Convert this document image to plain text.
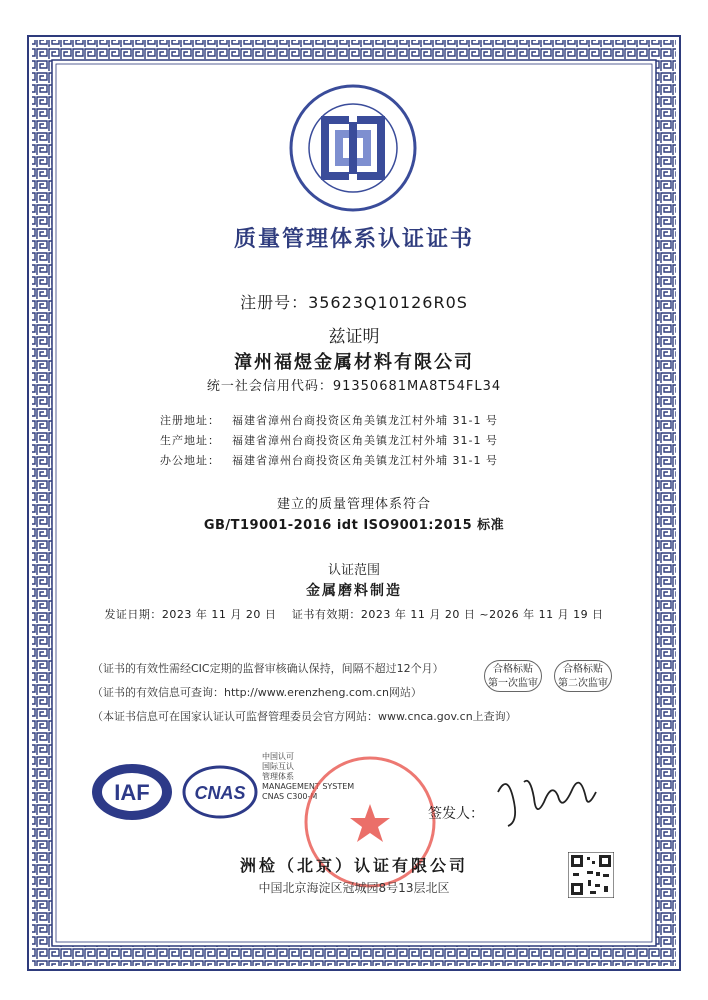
质量管理体系认证证书
注册号：35623Q10126R0S
兹证明
漳州福煜金属材料有限公司
统一社会信用代码：91350681MA8T54FL34
注册地址： 福建省漳州台商投资区角美镇龙江村外埔 31-1 号
生产地址： 福建省漳州台商投资区角美镇龙江村外埔 31-1 号
办公地址： 福建省漳州台商投资区角美镇龙江村外埔 31-1 号
建立的质量管理体系符合
GB/T19001-2016 idt ISO9001:2015 标准
认证范围
金属磨料制造
发证日期：2023 年 11 月 20 日　 证书有效期：2023 年 11 月 20 日 ~2026 年 11 月 19 日
（证书的有效性需经CIC定期的监督审核确认保持，间隔不超过12个月）
（证书的有效信息可查询：http://www.erenzheng.com.cn网站）
（本证书信息可在国家认证认可监督管理委员会官方网站：www.cnca.gov.cn上查询）
合格标贴
第一次监审
合格标贴
第二次监审
IAF CNAS
中国认可
国际互认
管理体系
MANAGEMENT SYSTEM
CNAS C300-M
签发人：
洲检（北京）认证有限公司
中国北京海淀区冠城园8号13层北区
